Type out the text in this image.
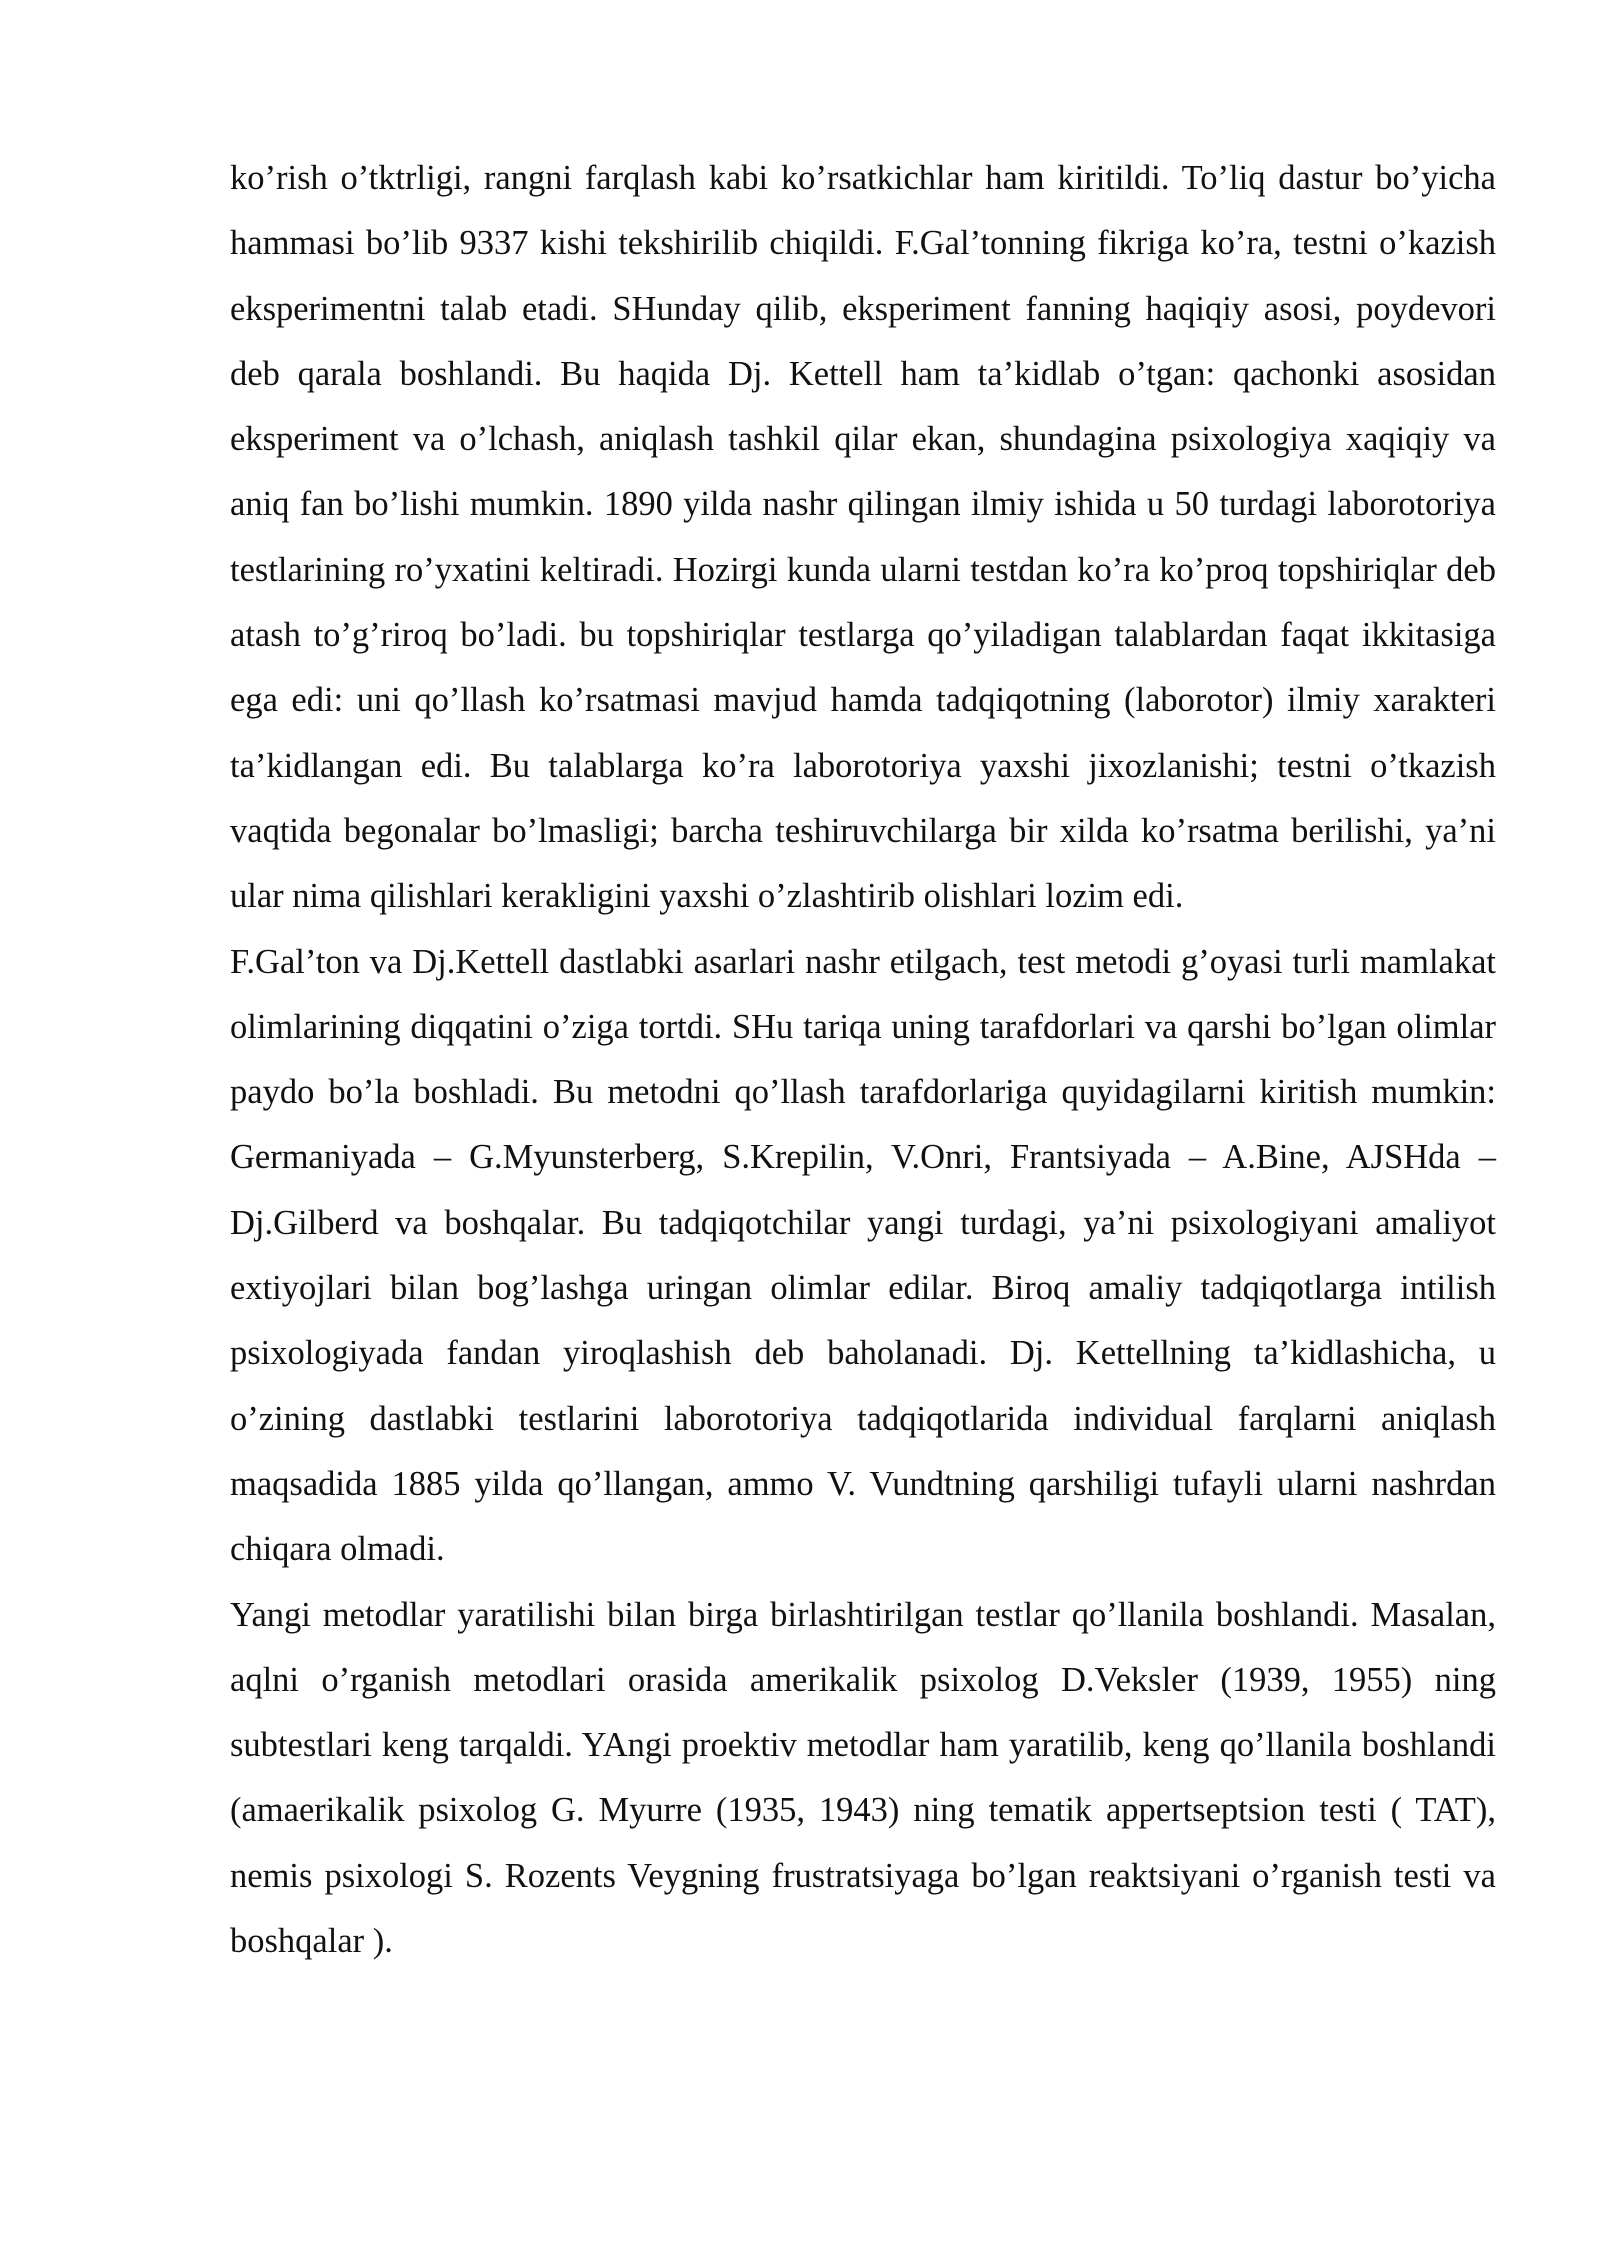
ko’rish o’tktrligi, rangni farqlash kabi ko’rsatkichlar ham kiritildi. To’liq dastur bo’yicha hammasi bo’lib 9337 kishi tekshirilib chiqildi. F.Gal’tonning fikriga ko’ra, testni o’kazish eksperimentni talab etadi. SHunday qilib, eksperiment fanning haqiqiy asosi, poydevori deb qarala boshlandi. Bu haqida Dj. Kettell ham ta’kidlab o’tgan: qachonki asosidan eksperiment va o’lchash, aniqlash tashkil qilar ekan, shundagina psixologiya xaqiqiy va aniq fan bo’lishi mumkin. 1890 yilda nashr qilingan ilmiy ishida u 50 turdagi laborotoriya testlarining ro’yxatini keltiradi. Hozirgi kunda ularni testdan ko’ra ko’proq topshiriqlar deb atash to’g’riroq bo’ladi. bu topshiriqlar testlarga qo’yiladigan talablardan faqat ikkitasiga ega edi: uni qo’llash ko’rsatmasi mavjud hamda tadqiqotning (laborotor) ilmiy xarakteri ta’kidlangan edi. Bu talablarga ko’ra laborotoriya yaxshi jixozlanishi; testni o’tkazish vaqtida begonalar bo’lmasligi; barcha teshiruvchilarga bir xilda ko’rsatma berilishi, ya’ni ular nima qilishlari kerakligini yaxshi o’zlashtirib olishlari lozim edi.

F.Gal’ton va Dj.Kettell dastlabki asarlari nashr etilgach, test metodi g’oyasi turli mamlakat olimlarining diqqatini o’ziga tortdi. SHu tariqa uning tarafdorlari va qarshi bo’lgan olimlar paydo bo’la boshladi. Bu metodni qo’llash tarafdorlariga quyidagilarni kiritish mumkin: Germaniyada – G.Myunsterberg, S.Krepilin, V.Onri, Frantsiyada – A.Bine, AJSHda – Dj.Gilberd va boshqalar. Bu tadqiqotchilar yangi turdagi, ya’ni psixologiyani amaliyot extiyojlari bilan bog’lashga uringan olimlar edilar. Biroq amaliy tadqiqotlarga intilish psixologiyada fandan yiroqlashish deb baholanadi. Dj. Kettellning ta’kidlashicha, u o’zining dastlabki testlarini laborotoriya tadqiqotlarida individual farqlarni aniqlash maqsadida 1885 yilda qo’llangan, ammo V. Vundtning qarshiligi tufayli ularni nashrdan chiqara olmadi.

Yangi metodlar yaratilishi bilan birga birlashtirilgan testlar qo’llanila boshlandi. Masalan, aqlni o’rganish metodlari orasida amerikalik psixolog D.Veksler (1939, 1955) ning subtestlari keng tarqaldi. YAngi proektiv metodlar ham yaratilib, keng qo’llanila boshlandi (amaerikalik psixolog G. Myurre (1935, 1943) ning tematik appertseptsion testi ( TAT), nemis psixologi S. Rozents Veygning frustratsiyaga bo’lgan reaktsiyani o’rganish testi va boshqalar ).
